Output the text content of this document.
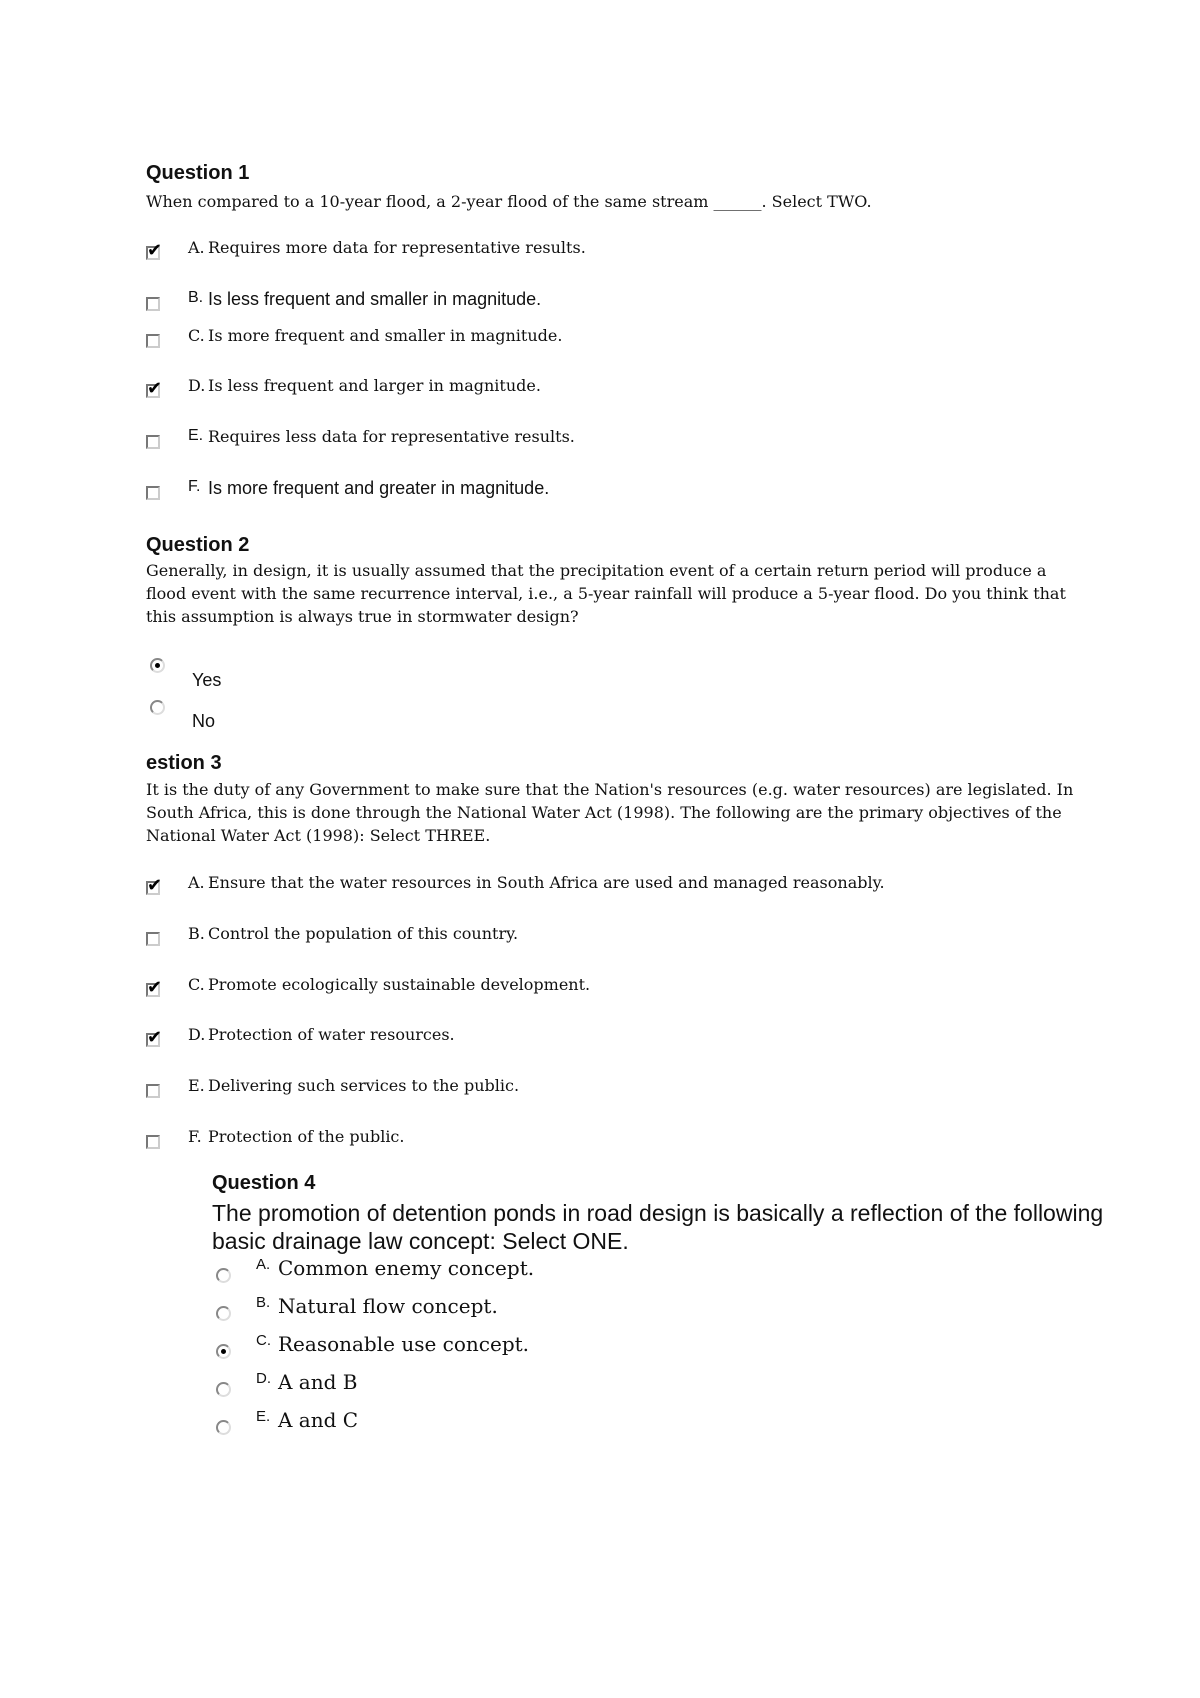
Question 1

When compared to a 10-year flood, a 2-year flood of the same stream ______. Select TWO.

✔ A. Requires more data for representative results.
B. Is less frequent and smaller in magnitude.
C. Is more frequent and smaller in magnitude.
✔ D. Is less frequent and larger in magnitude.
E. Requires less data for representative results.
F. Is more frequent and greater in magnitude.
Question 2

Generally, in design, it is usually assumed that the precipitation event of a certain return period will produce a flood event with the same recurrence interval, i.e., a 5-year rainfall will produce a 5-year flood. Do you think that this assumption is always true in stormwater design?

Yes
No
estion 3

It is the duty of any Government to make sure that the Nation's resources (e.g. water resources) are legislated. In South Africa, this is done through the National Water Act (1998). The following are the primary objectives of the National Water Act (1998): Select THREE.

✔ A. Ensure that the water resources in South Africa are used and managed reasonably.
B. Control the population of this country.
✔ C. Promote ecologically sustainable development.
✔ D. Protection of water resources.
E. Delivering such services to the public.
F. Protection of the public.
Question 4

The promotion of detention ponds in road design is basically a reflection of the following basic drainage law concept: Select ONE.

A. Common enemy concept.
B. Natural flow concept.
C. Reasonable use concept.
D. A and B
E. A and C
